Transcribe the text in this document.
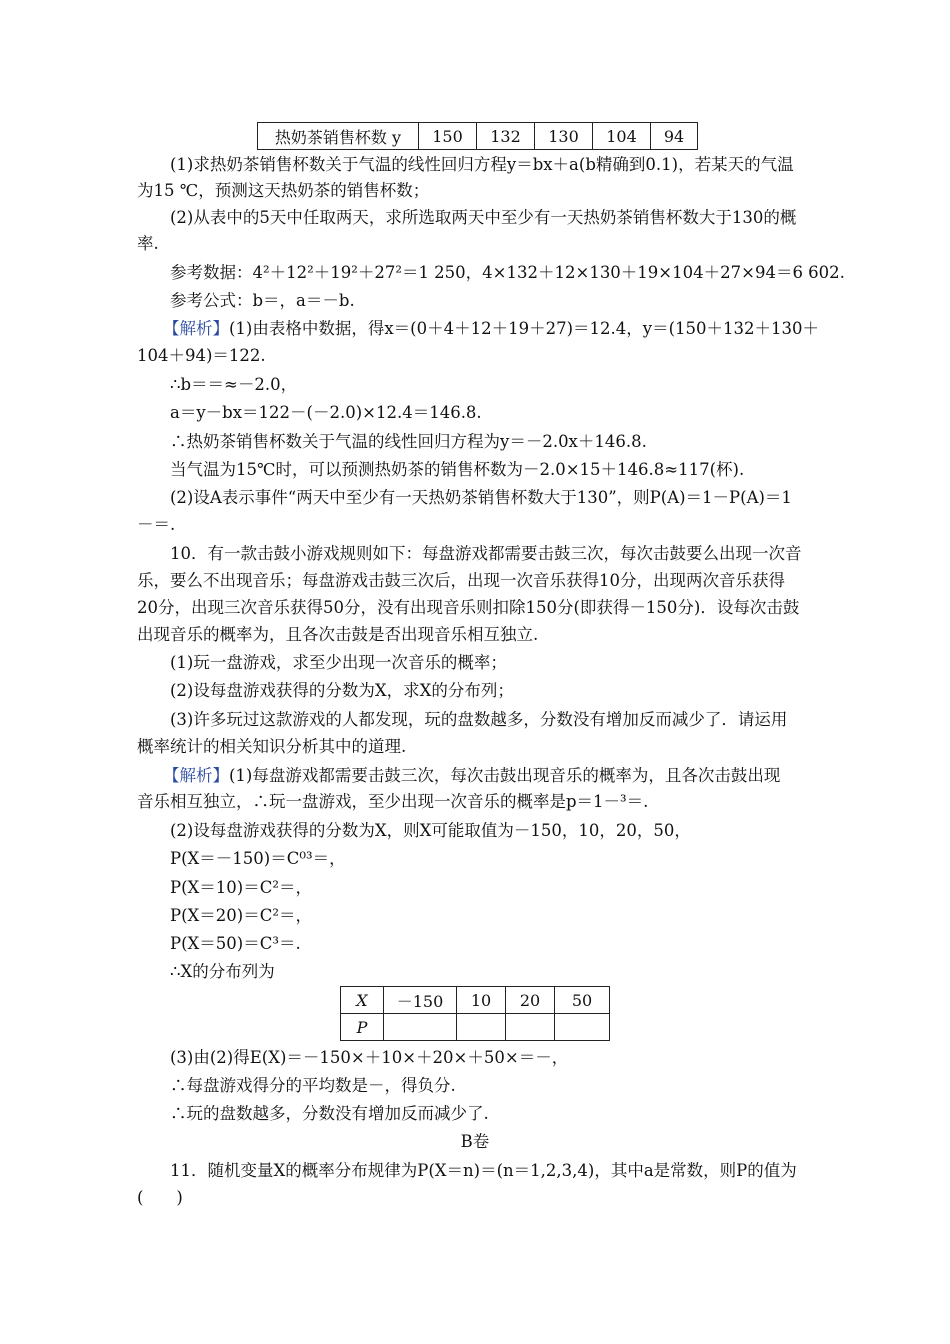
热奶茶销售杯数 y	150	132	130	104	94
(1)求热奶茶销售杯数关于气温的线性回归方程y＝bx＋a(b精确到0.1)，若某天的气温
为15 ℃，预测这天热奶茶的销售杯数；
(2)从表中的5天中任取两天，求所选取两天中至少有一天热奶茶销售杯数大于130的概
率.
参考数据：4²＋12²＋19²＋27²＝1 250，4×132＋12×130＋19×104＋27×94＝6 602.
参考公式：b＝，a＝－b.
【解析】(1)由表格中数据，得x＝(0＋4＋12＋19＋27)＝12.4，y＝(150＋132＋130＋
104＋94)＝122.
∴b＝＝≈－2.0，
a＝y－bx＝122－(－2.0)×12.4＝146.8.
∴热奶茶销售杯数关于气温的线性回归方程为y＝－2.0x＋146.8.
当气温为15℃时，可以预测热奶茶的销售杯数为－2.0×15＋146.8≈117(杯).
(2)设A表示事件“两天中至少有一天热奶茶销售杯数大于130”，则P(A)＝1－P(A)＝1
－＝.
10．有一款击鼓小游戏规则如下：每盘游戏都需要击鼓三次，每次击鼓要么出现一次音
乐，要么不出现音乐；每盘游戏击鼓三次后，出现一次音乐获得10分，出现两次音乐获得
20分，出现三次音乐获得50分，没有出现音乐则扣除150分(即获得－150分)．设每次击鼓
出现音乐的概率为，且各次击鼓是否出现音乐相互独立.
(1)玩一盘游戏，求至少出现一次音乐的概率；
(2)设每盘游戏获得的分数为X，求X的分布列；
(3)许多玩过这款游戏的人都发现，玩的盘数越多，分数没有增加反而减少了．请运用
概率统计的相关知识分析其中的道理.
【解析】(1)每盘游戏都需要击鼓三次，每次击鼓出现音乐的概率为，且各次击鼓出现
音乐相互独立，∴玩一盘游戏，至少出现一次音乐的概率是p＝1－³＝.
(2)设每盘游戏获得的分数为X，则X可能取值为－150，10，20，50，
P(X＝－150)＝C⁰³＝，
P(X＝10)＝C²＝，
P(X＝20)＝C²＝，
P(X＝50)＝C³＝.
∴X的分布列为
X	－150	10	20	50
P				
(3)由(2)得E(X)＝－150×＋10×＋20×＋50×＝－，
∴每盘游戏得分的平均数是－，得负分.
∴玩的盘数越多，分数没有增加反而减少了.
B卷
11．随机变量X的概率分布规律为P(X＝n)＝(n＝1,2,3,4)，其中a是常数，则P的值为
(　　)
